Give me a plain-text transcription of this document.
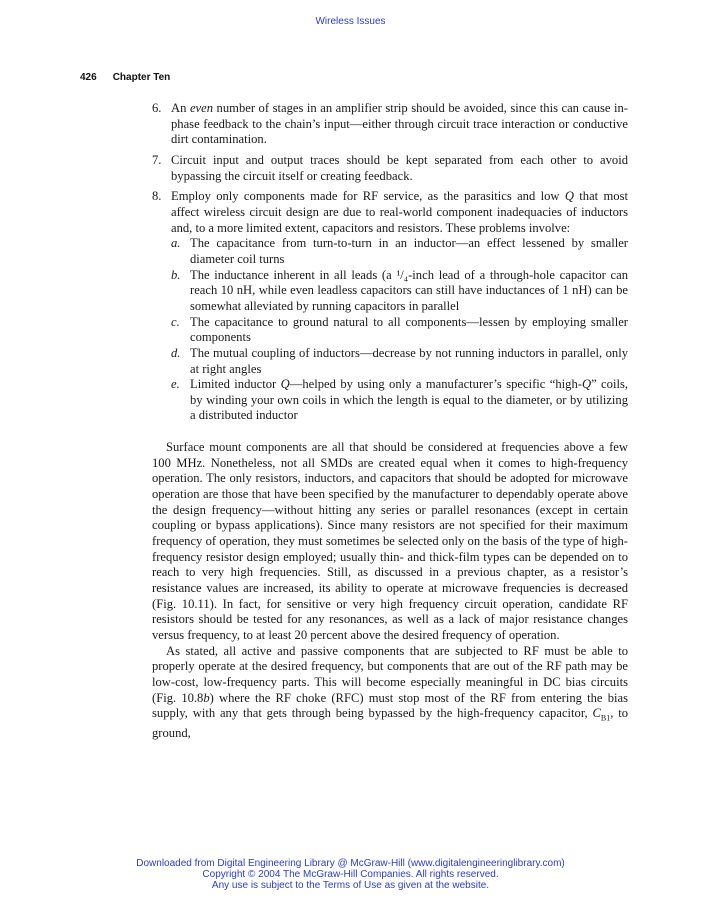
Wireless Issues
426 Chapter Ten
6. An even number of stages in an amplifier strip should be avoided, since this can cause in-phase feedback to the chain’s input—either through circuit trace interaction or conductive dirt contamination.
7. Circuit input and output traces should be kept separated from each other to avoid bypassing the circuit itself or creating feedback.
8. Employ only components made for RF service, as the parasitics and low Q that most affect wireless circuit design are due to real-world component inadequacies of inductors and, to a more limited extent, capacitors and resistors. These problems involve:
a. The capacitance from turn-to-turn in an inductor—an effect lessened by smaller diameter coil turns
b. The inductance inherent in all leads (a ¹/₄-inch lead of a through-hole capacitor can reach 10 nH, while even leadless capacitors can still have inductances of 1 nH) can be somewhat alleviated by running capacitors in parallel
c. The capacitance to ground natural to all components—lessen by employing smaller components
d. The mutual coupling of inductors—decrease by not running inductors in parallel, only at right angles
e. Limited inductor Q—helped by using only a manufacturer’s specific “high-Q” coils, by winding your own coils in which the length is equal to the diameter, or by utilizing a distributed inductor

Surface mount components are all that should be considered at frequencies above a few 100 MHz. Nonetheless, not all SMDs are created equal when it comes to high-frequency operation. The only resistors, inductors, and capacitors that should be adopted for microwave operation are those that have been specified by the manufacturer to dependably operate above the design frequency—without hitting any series or parallel resonances (except in certain coupling or bypass applications). Since many resistors are not specified for their maximum frequency of operation, they must sometimes be selected only on the basis of the type of high-frequency resistor design employed; usually thin- and thick-film types can be depended on to reach to very high frequencies. Still, as discussed in a previous chapter, as a resistor’s resistance values are increased, its ability to operate at microwave frequencies is decreased (Fig. 10.11). In fact, for sensitive or very high frequency circuit operation, candidate RF resistors should be tested for any resonances, as well as a lack of major resistance changes versus frequency, to at least 20 percent above the desired frequency of operation.

As stated, all active and passive components that are subjected to RF must be able to properly operate at the desired frequency, but components that are out of the RF path may be low-cost, low-frequency parts. This will become especially meaningful in DC bias circuits (Fig. 10.8b) where the RF choke (RFC) must stop most of the RF from entering the bias supply, with any that gets through being bypassed by the high-frequency capacitor, $C_{B1}$, to ground,

Downloaded from Digital Engineering Library @ McGraw-Hill (www.digitalengineeringlibrary.com)
Copyright © 2004 The McGraw-Hill Companies. All rights reserved.
Any use is subject to the Terms of Use as given at the website.
